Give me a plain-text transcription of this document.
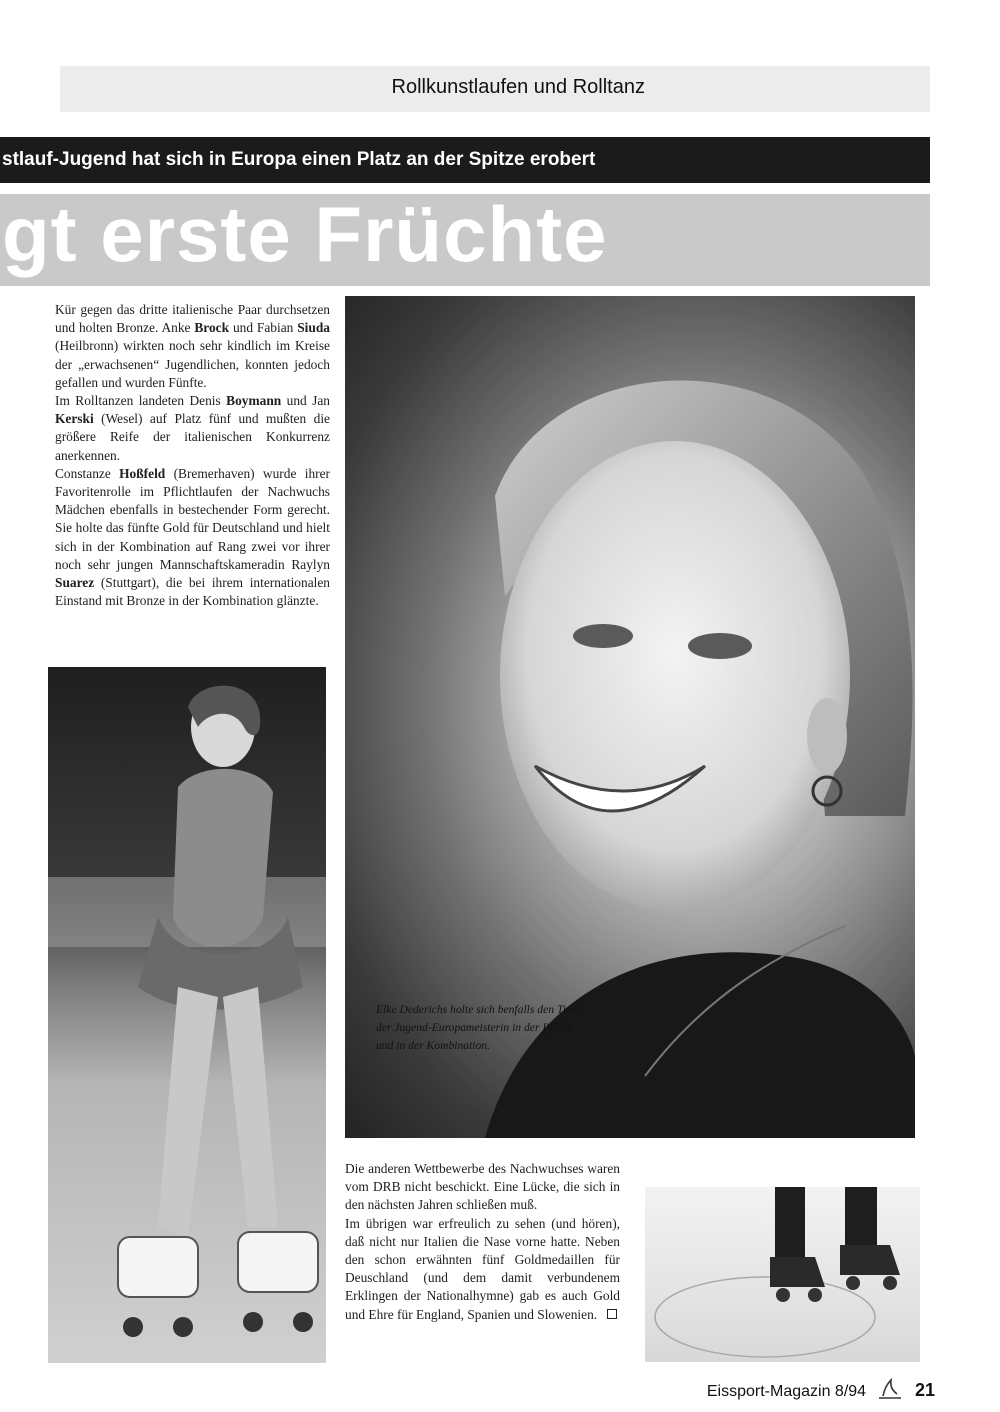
Rollkunstlaufen und Rolltanz
stlauf-Jugend hat sich in Europa einen Platz an der Spitze erobert
gt erste Früchte

Kür gegen das dritte italienische Paar durchsetzen und holten Bronze. Anke Brock und Fabian Siuda (Heilbronn) wirkten noch sehr kindlich im Kreise der „erwachsenen“ Jugendlichen, konnten jedoch gefallen und wurden Fünfte.

Im Rolltanzen landeten Denis Boymann und Jan Kerski (Wesel) auf Platz fünf und mußten die größere Reife der italienischen Konkurrenz anerkennen.

Constanze Hoßfeld (Bremerhaven) wurde ihrer Favoritenrolle im Pflichtlaufen der Nachwuchs Mädchen ebenfalls in bestechender Form gerecht. Sie holte das fünfte Gold für Deutschland und hielt sich in der Kombination auf Rang zwei vor ihrer noch sehr jungen Mannschaftskameradin Raylyn Suarez (Stuttgart), die bei ihrem internationalen Einstand mit Bronze in der Kombination glänzte.

Elke Dederichs holte sich benfalls den Titel der Jugend-Europameisterin in der Pflicht und in der Kombination.

Die anderen Wettbewerbe des Nachwuchses waren vom DRB nicht beschickt. Eine Lücke, die sich in den nächsten Jahren schließen muß.

Im übrigen war erfreulich zu sehen (und hören), daß nicht nur Italien die Nase vorne hatte. Neben den schon erwähnten fünf Goldmedaillen für Deuschland (und dem damit verbundenem Erklingen der Nationalhymne) gab es auch Gold und Ehre für England, Spanien und Slowenien.

Eissport-Magazin 8/94	21
